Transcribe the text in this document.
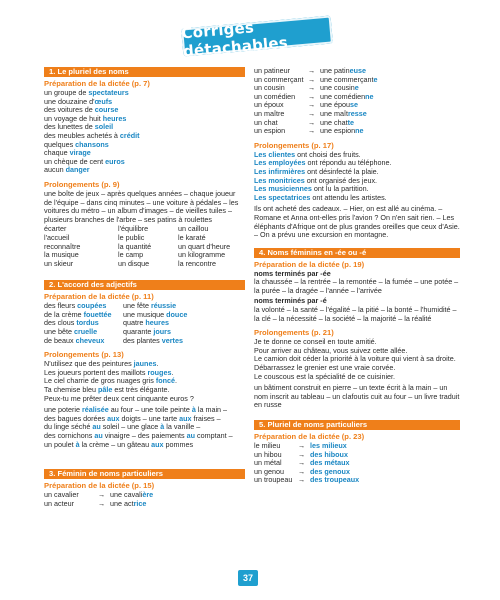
Corrigés détachables
1. Le pluriel des noms
Préparation de la dictée (p. 7)
un groupe de spectateurs
une douzaine d'œufs
des voitures de course
un voyage de huit heures
des lunettes de soleil
des meubles achetés à crédit
quelques chansons
chaque virage
un chèque de cent euros
aucun danger
Prolongements (p. 9)
une boîte de jeux – après quelques années – chaque joueur de l'équipe – dans cinq minutes – une voiture à pédales – les voitures du métro – un album d'images – de vieilles tuiles – plusieurs branches de l'arbre – ses patins à roulettes
écarter	l'équilibre	un caillou
l'accueil	le public	le karaté
reconnaître	la quantité	un quart d'heure
la musique	le camp	un kilogramme
un skieur	un disque	la rencontre
2. L'accord des adjectifs
Préparation de la dictée (p. 11)
des fleurs coupées	une fête réussie
de la crème fouettée	une musique douce
des clous tordus	quatre heures
une bête cruelle	quarante jours
de beaux cheveux	des plantes vertes
Prolongements (p. 13)
N'utilisez que des peintures jaunes.
Les joueurs portent des maillots rouges.
Le ciel charrie de gros nuages gris foncé.
Ta chemise bleu pâle est très élégante.
Peux-tu me prêter deux cent cinquante euros ?
une poterie réalisée au four – une toile peinte à la main –
des bagues dorées aux doigts – une tarte aux fraises –
du linge séché au soleil – une glace à la vanille –
des cornichons au vinaigre – des paiements au comptant –
un poulet à la crème – un gâteau aux pommes
3. Féminin de noms particuliers
Préparation de la dictée (p. 15)
un cavalier	→ une cavali ère
un acteur	→ une act rice
un patineur	→ une patin euse
un commerçant → une commerçant e
un cousin	→ une cousin e
un comédien	→ une comédien ne
un époux	→ une épou se
un maître	→ une maît resse
un chat	→ une chat te
un espion	→ une espion ne
Prolongements (p. 17)
Les clientes ont choisi des fruits.
Les employées ont répondu au téléphone.
Les infirmières ont désinfecté la plaie.
Les monitrices ont organisé des jeux.
Les musiciennes ont lu la partition.
Les spectatrices ont attendu les artistes.
Ils ont acheté des cadeaux. – Hier, on est allé au cinéma. – Romane et Anna ont-elles pris l'avion ? On n'en sait rien. – Les éléphants d'Afrique ont de plus grandes oreilles que ceux d'Asie. – On a prévu une excursion en montagne.
4. Noms féminins en -ée ou -é
Préparation de la dictée (p. 19)
noms terminés par -ée
la chaussée – la rentrée – la remontée – la fumée – une potée – la purée – la dragée – l'année – l'arrivée
noms terminés par -é
la volonté – la santé – l'égalité – la pitié – la bonté – l'humidité – la clé – la nécessité – la société – la majorité – la réalité
Prolongements (p. 21)
Je te donne ce conseil en toute amitié.
Pour arriver au château, vous suivez cette allée.
Le camion doit céder la priorité à la voiture qui vient à sa droite.
Débarrassez le grenier est une vraie corvée.
Le couscous est la spécialité de ce cuisinier.
un bâtiment construit en pierre – un texte écrit à la main – un nom inscrit au tableau – un clafoutis cuit au four – un livre traduit en russe
5. Pluriel de noms particuliers
Préparation de la dictée (p. 23)
le milieu	→ les milieux
un hibou	→ des hiboux
un métal	→ des métaux
un genou	→ des genoux
un troupeau → des troupeaux
37
